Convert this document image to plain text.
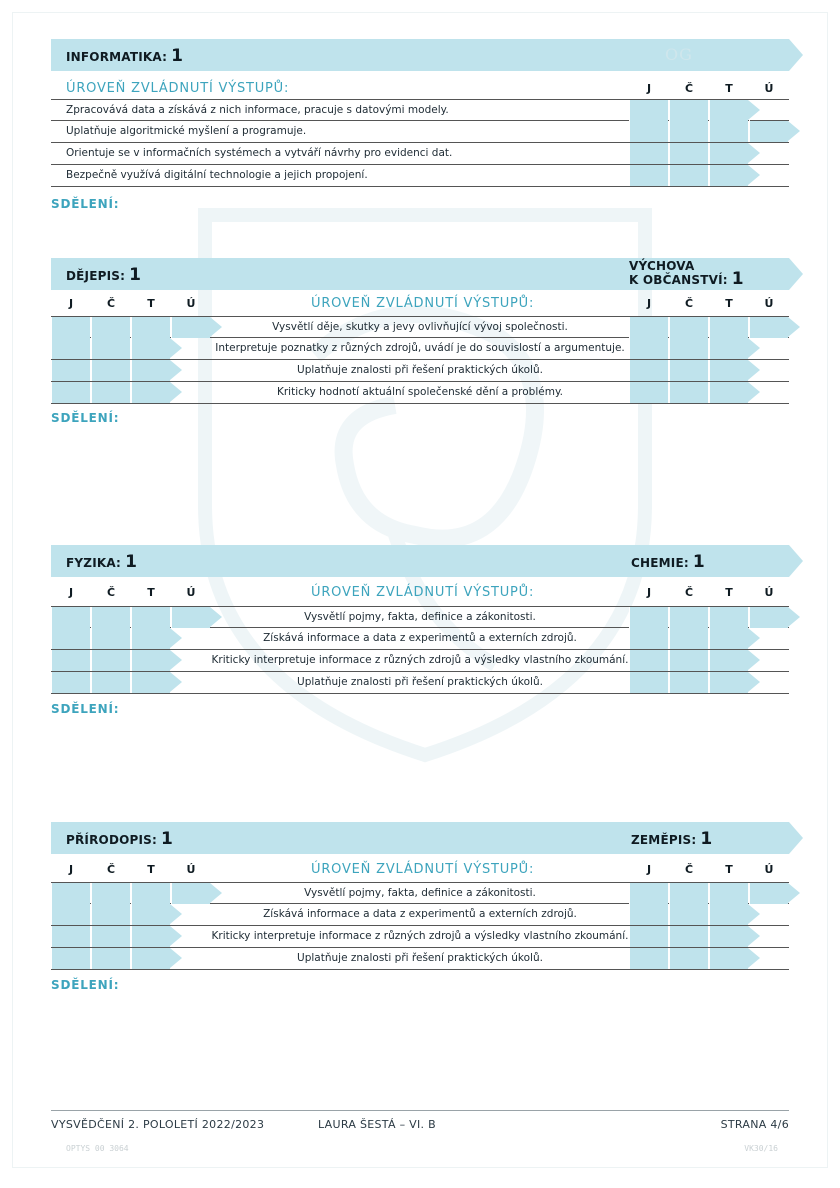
INFORMATIKA: 1	OG
ÚROVEŇ ZVLÁDNUTÍ VÝSTUPŮ:	J	Č	T	Ú
Zpracovává data a získává z nich informace, pracuje s datovými modely.
Uplatňuje algoritmické myšlení a programuje.
Orientuje se v informačních systémech a vytváří návrhy pro evidenci dat.
Bezpečně využívá digitální technologie a jejich propojení.
SDĚLENÍ:
DĚJEPIS: 1	VÝCHOVA
K OBČANSTVÍ: 1
J	Č	T	Ú	ÚROVEŇ ZVLÁDNUTÍ VÝSTUPŮ:	J	Č	T	Ú
Vysvětlí děje, skutky a jevy ovlivňující vývoj společnosti.
Interpretuje poznatky z různých zdrojů, uvádí je do souvislostí a argumentuje.
Uplatňuje znalosti při řešení praktických úkolů.
Kriticky hodnotí aktuální společenské dění a problémy.
SDĚLENÍ:
FYZIKA: 1	CHEMIE: 1
J	Č	T	Ú	ÚROVEŇ ZVLÁDNUTÍ VÝSTUPŮ:	J	Č	T	Ú
Vysvětlí pojmy, fakta, definice a zákonitosti.
Získává informace a data z experimentů a externích zdrojů.
Kriticky interpretuje informace z různých zdrojů a výsledky vlastního zkoumání.
Uplatňuje znalosti při řešení praktických úkolů.
SDĚLENÍ:
PŘÍRODOPIS: 1	ZEMĚPIS: 1
J	Č	T	Ú	ÚROVEŇ ZVLÁDNUTÍ VÝSTUPŮ:	J	Č	T	Ú
Vysvětlí pojmy, fakta, definice a zákonitosti.
Získává informace a data z experimentů a externích zdrojů.
Kriticky interpretuje informace z různých zdrojů a výsledky vlastního zkoumání.
Uplatňuje znalosti při řešení praktických úkolů.
SDĚLENÍ:
VYSVĚDČENÍ 2. POLOLETÍ 2022/2023	LAURA ŠESTÁ – VI. B	STRANA 4/6
OPTYS 00 3064	VK30/16
